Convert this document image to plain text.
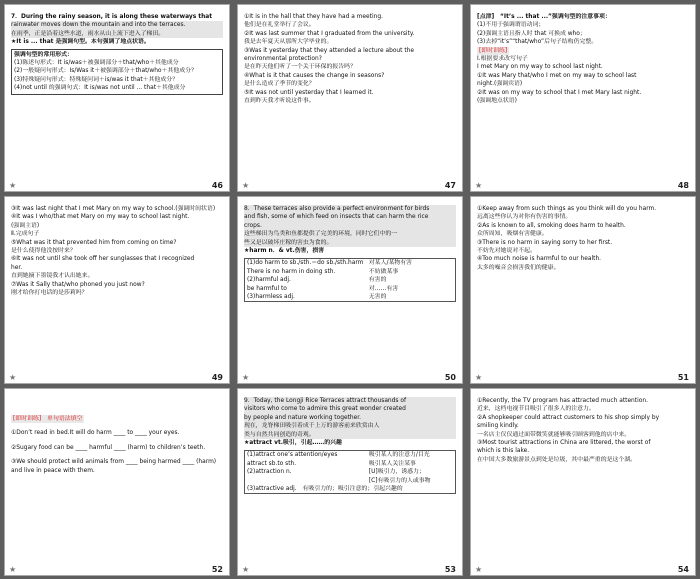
7．During the rainy season, it is along these waterways that
rainwater moves down the mountain and into the terraces.
在雨季，正是沿着这些水道，雨水从山上流下进入了梯田。
★It is ... that 是强调句型。本句强调了地点状语。
强调句型的常用形式：
(1)陈述句形式：It is/was＋被强调部分＋that/who＋其他成分
(2)一般疑问句形式：Is/Was it＋被强调部分＋that/who＋其他成分？
(3)特殊疑问句形式：特殊疑问词＋is/was it that＋其他成分？
(4)not until 的强调句式：It is/was not until ... that＋其他成分
★	46
①It is in the hall that they have had a meeting.
他们是在礼堂举行了会议。
②It was last summer that I graduated from the university.
我是去年夏天从那所大学毕业的。
③Was it yesterday that they attended a lecture about the
environmental protection?
是在昨天他们听了一个关于环保的报告吗？
④What is it that causes the change in seasons?
是什么造成了季节的变化？
⑤It was not until yesterday that I learned it.
直到昨天我才听说这件事。
★	47
[点津]　“It’s ... that ...”强调句型的注意事项：
(1)不用于强调谓语动词；
(2)强调主语且指人时 that 可换成 who；
(3)去掉“it’s”“that/who”后句子结构仍完整。
[即时训练]
Ⅰ.根据要求改写句子
I met Mary on my way to school last night.
①It was Mary that/who I met on my way to school last
night.(强调宾语)
②It was on my way to school that I met Mary last night.
(强调地点状语)
★	48
③It was last night that I met Mary on my way to school.(强调时间状语)
④It was I who/that met Mary on my way to school last night.
(强调主语)
Ⅱ.完成句子
⑤What was it that prevented him from coming on time?
是什么使得他没按时来？
⑥It was not until she took off her sunglasses that I recognized
her.
直到她摘下墨镜我才认出她来。
⑦Was it Sally that/who phoned you just now?
刚才给你打电话的是莎莉吗？
★	49
8．These terraces also provide a perfect environment for birds
and fish, some of which feed on insects that can harm the rice
crops.
这些梯田为鸟类和鱼都提供了完美的环境，同时它们中的一
些又是以破坏庄稼的害虫为食的。
★harm n．& vt.伤害，损害
(1)do harm to sb./sth.＝do sb./sth.harm 对某人/某物有害
There is no harm in doing sth.	不妨做某事
(2)harmful adj.	有害的
be harmful to	对……有害
(3)harmless adj.	无害的
★	50
①Keep away from such things as you think will do you harm.
远离这些你认为对你有伤害的事情。
②As is known to all, smoking does harm to health.
众所周知，吸烟有害健康。
③There is no harm in saying sorry to her first.
不妨先对她说对不起。
④Too much noise is harmful to our health.
太多的噪音会损害我们的健康。
★	51
[即时训练]　单句语法填空
①Don’t read in bed.It will do harm ____ to ____ your eyes.
②Sugary food can be ____ harmful ____ (harm) to children’s teeth.
③We should protect wild animals from ____ being harmed ____ (harm)
and live in peace with them.
★	52
9．Today, the Longji Rice Terraces attract thousands of
visitors who come to admire this great wonder created
by people and nature working together.
现在，龙脊梯田吸引着成千上万的游客前来欣赏由人
类与自然共同创造的奇观。
★attract vt.吸引，引起……的兴趣
(1)attract one’s attention/eyes	吸引某人的注意力/目光
attract sb.to sth.	吸引某人关注某事
(2)attraction n.	[U]吸引力，诱惑力；
[C]有吸引力的人或事物
(3)attractive adj.　有吸引力的；吸引注意的；引起兴趣的
★	53
①Recently, the TV program has attracted much attention.
近来，这档电视节目吸引了很多人的注意力。
②A shopkeeper could attract customers to his shop simply by
smiling kindly.
一名店主仅仅通过面带微笑就能够吸引顾客到他的店中来。
③Most tourist attractions in China are littered, the worst of
which is this lake.
在中国大多数旅游景点到处是垃圾，其中最严重的是这个湖。
★	54
